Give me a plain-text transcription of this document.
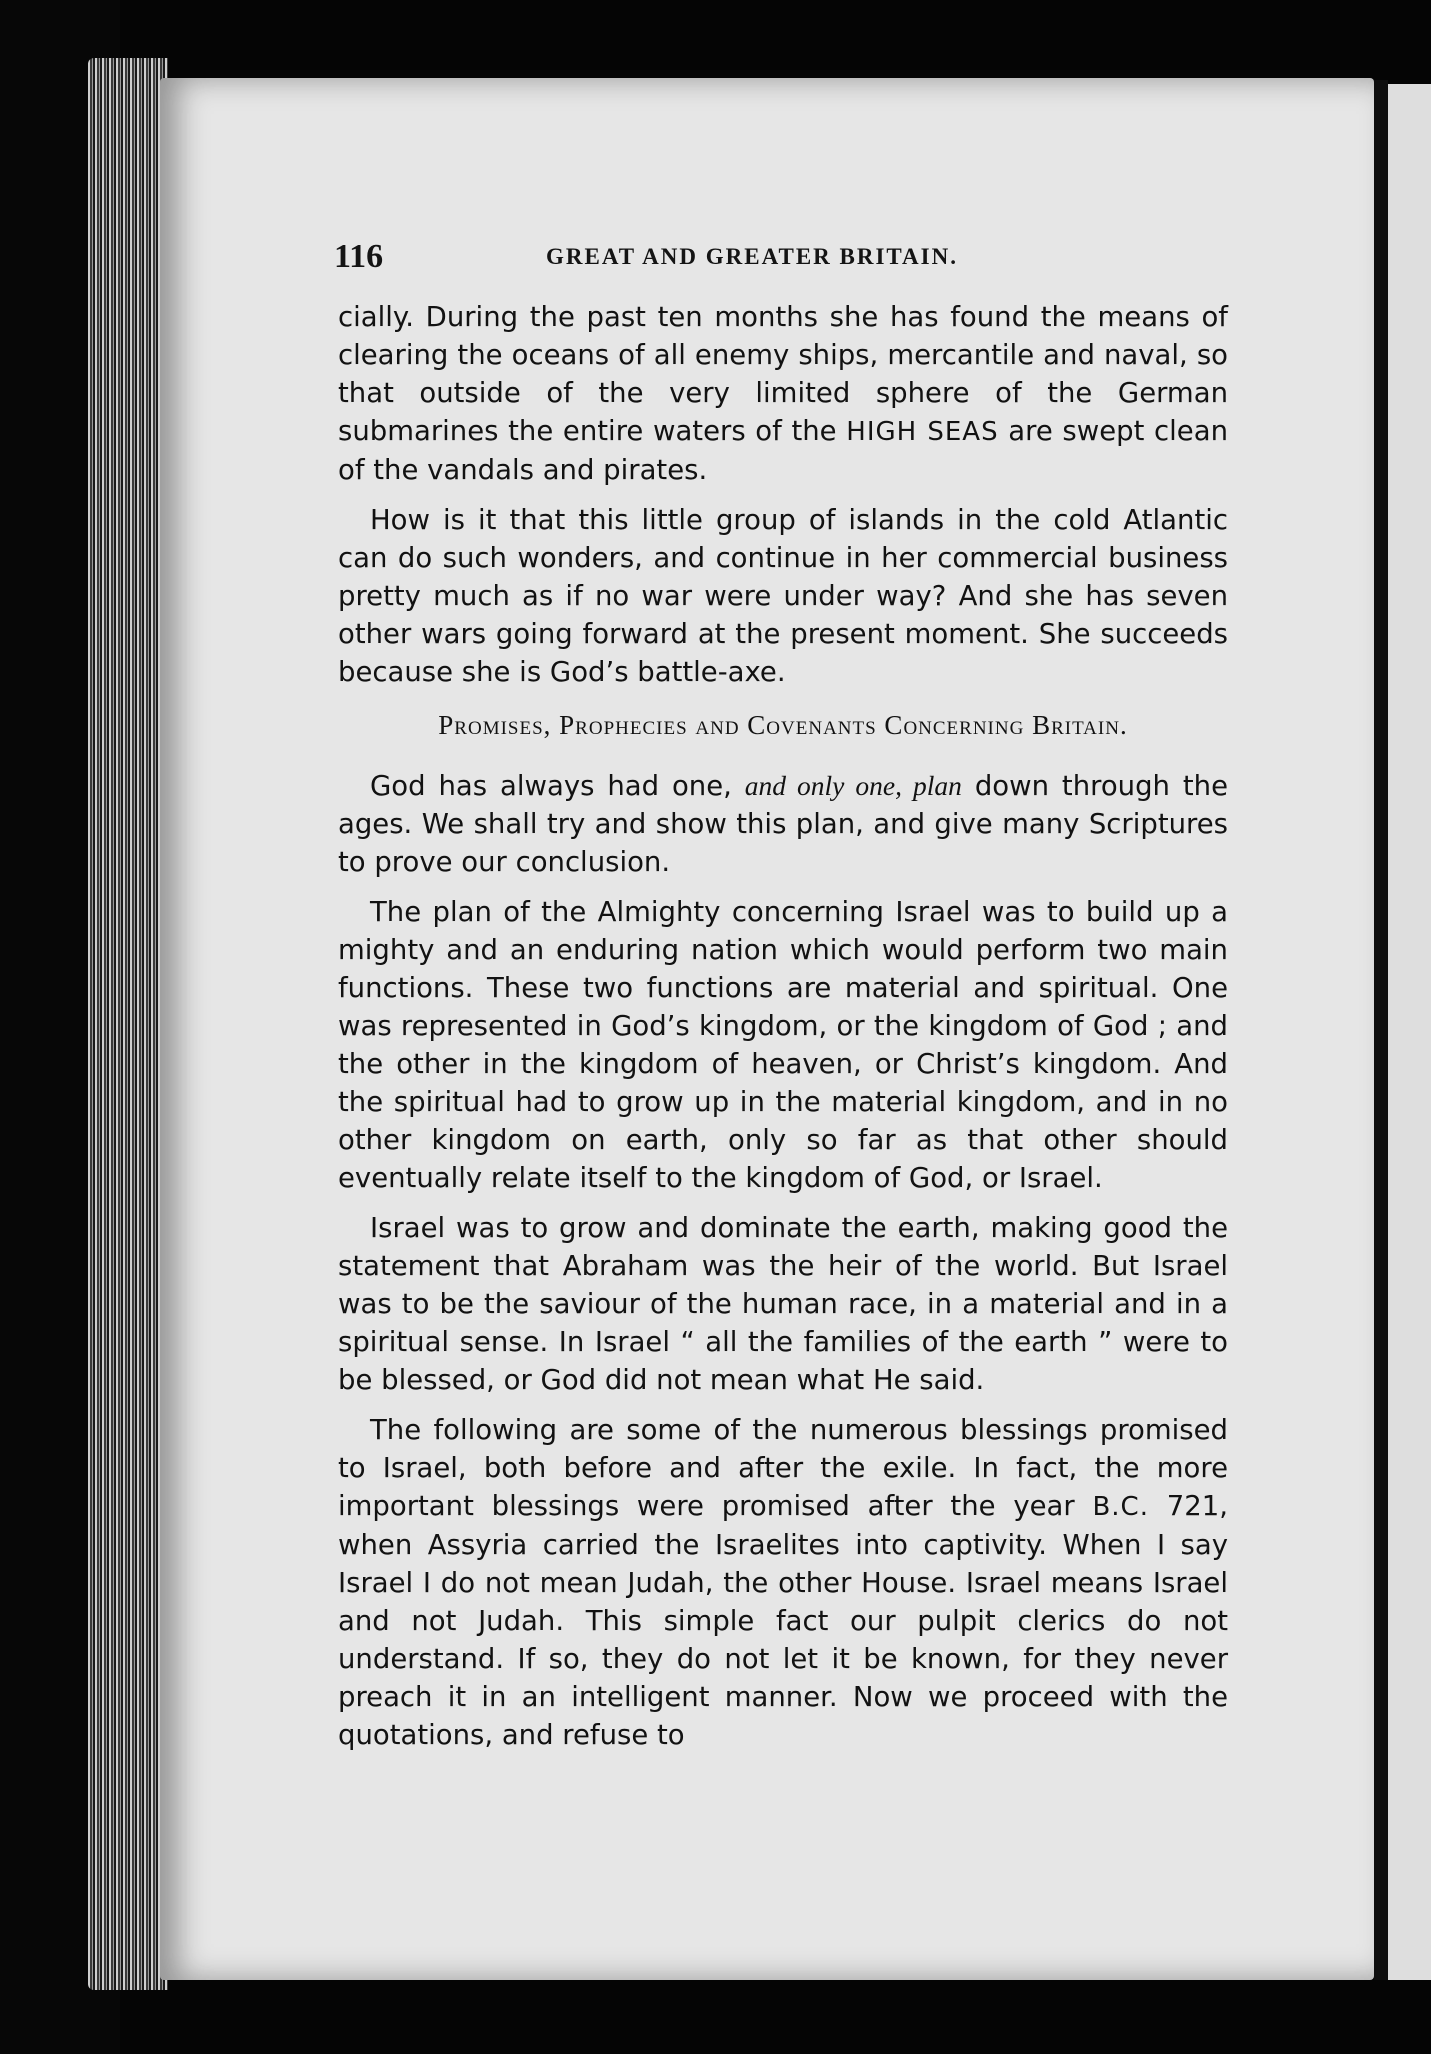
116	GREAT AND GREATER BRITAIN.

cially. During the past ten months she has found the means of clearing the oceans of all enemy ships, mercantile and naval, so that outside of the very limited sphere of the German submarines the entire waters of the HIGH SEAS are swept clean of the vandals and pirates.

How is it that this little group of islands in the cold Atlantic can do such wonders, and continue in her commercial business pretty much as if no war were under way? And she has seven other wars going forward at the present moment. She succeeds because she is God’s battle-axe.

Promises, Prophecies and Covenants Concerning Britain.

God has always had one, and only one, plan down through the ages. We shall try and show this plan, and give many Scriptures to prove our conclusion.

The plan of the Almighty concerning Israel was to build up a mighty and an enduring nation which would perform two main functions. These two functions are material and spiritual. One was represented in God’s kingdom, or the kingdom of God ; and the other in the kingdom of heaven, or Christ’s kingdom. And the spiritual had to grow up in the material kingdom, and in no other kingdom on earth, only so far as that other should eventually relate itself to the kingdom of God, or Israel.

Israel was to grow and dominate the earth, making good the statement that Abraham was the heir of the world. But Israel was to be the saviour of the human race, in a material and in a spiritual sense. In Israel “ all the families of the earth ” were to be blessed, or God did not mean what He said.

The following are some of the numerous blessings promised to Israel, both before and after the exile. In fact, the more important blessings were promised after the year B.C. 721, when Assyria carried the Israelites into captivity. When I say Israel I do not mean Judah, the other House. Israel means Israel and not Judah. This simple fact our pulpit clerics do not understand. If so, they do not let it be known, for they never preach it in an intelligent manner. Now we proceed with the quotations, and refuse to
